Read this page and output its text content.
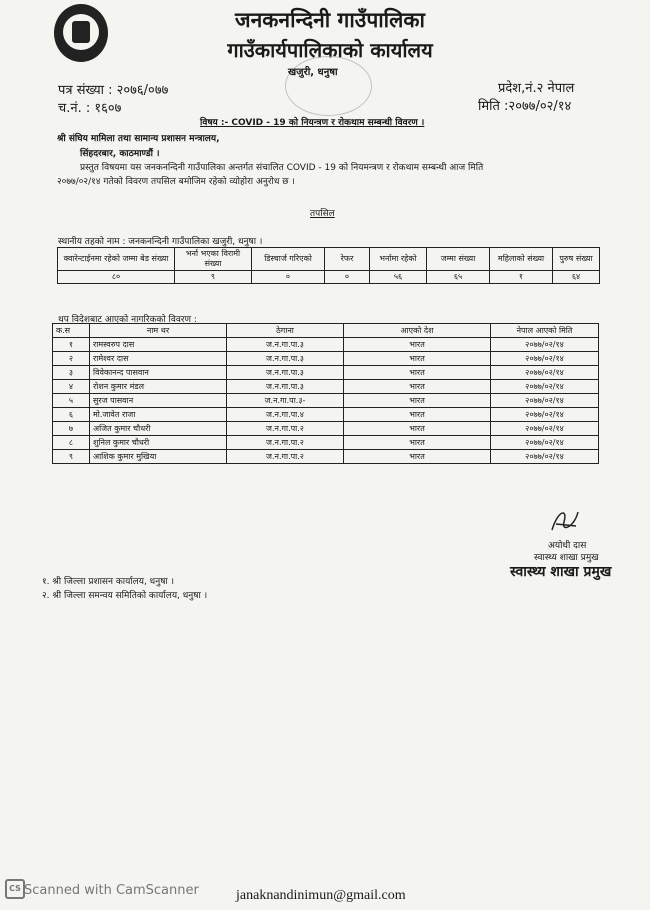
जनकनन्दिनी गाउँपालिका
गाउँकार्यपालिकाको कार्यालय
खजुरी, धनुषा
पत्र संख्या : २०७६/०७७
च.नं. : १६०७
प्रदेश,नं.२ नेपाल
मिति :२०७७/०२/१४
विषय :- COVID - 19 को नियन्त्रण र रोकथाम सम्बन्धी विवरण ।
श्री संघिय मामिला तथा सामान्य प्रशासन मन्त्रालय,
सिंहदरबार, काठमाण्डौं ।
प्रस्तुत विषयमा यस जनकनन्दिनी गाउँपालिका अन्तर्गत संचालित COVID - 19 को नियमन्त्रण र रोकथाम सम्बन्धी आज मिति
२०७७/०२/१४ गतेको विवरण तपसिल बमोजिम रहेको व्योहोरा अनुरोध छ ।
तपसिल
स्थानीय तहको नाम : जनकनन्दिनी गाउँपालिका खजुरी, धनुषा ।
क्वारेन्टाईनमा रहेको जम्मा बेड संख्या	भर्ना भएका विरामी संख्या	डिस्चार्ज गरिएको	रेफर	भर्नामा रहेको	जम्मा संख्या	महिलाको संख्या	पुरुष संख्या
८०	९	०	०	५६	६५	१	६४
थप विदेशबाट आएको नागरिकको विवरण :
क.स	नाम थर	ठेगाना	आएको देश	नेपाल आएको मिति
१	रामस्वरुप दास	ज.न.गा.पा.३	भारत	२०७७/०२/१४
२	रामेश्वर दास	ज.न.गा.पा.३	भारत	२०७७/०२/१४
३	विवेकानन्द पासवान	ज.न.गा.पा.३	भारत	२०७७/०२/१४
४	रोशन कुमार मंडल	ज.न.गा.पा.३	भारत	२०७७/०२/१४
५	सुरज पासवान	ज.न.गा.पा.३-	भारत	२०७७/०२/१४
६	मो.जावेत राजा	ज.न.गा.पा.४	भारत	२०७७/०२/१४
७	अजित कुमार चौधरी	ज.न.गा.पा.२	भारत	२०७७/०२/१४
८	शुनिल कुमार चौधरी	ज.न.गा.पा.२	भारत	२०७७/०२/१४
९	आशिक कुमार मुखिया	ज.न.गा.पा.२	भारत	२०७७/०२/१४
अयोधी दास
स्वास्थ्य शाखा प्रमुख
स्वास्थ्य शाखा प्रमुख
१. श्री जिल्ला प्रशासन कार्यालय, धनुषा ।
२. श्री जिल्ला समन्वय समितिको कार्यालय, धनुषा ।
CS Scanned with CamScanner	janaknandinimun@gmail.com
